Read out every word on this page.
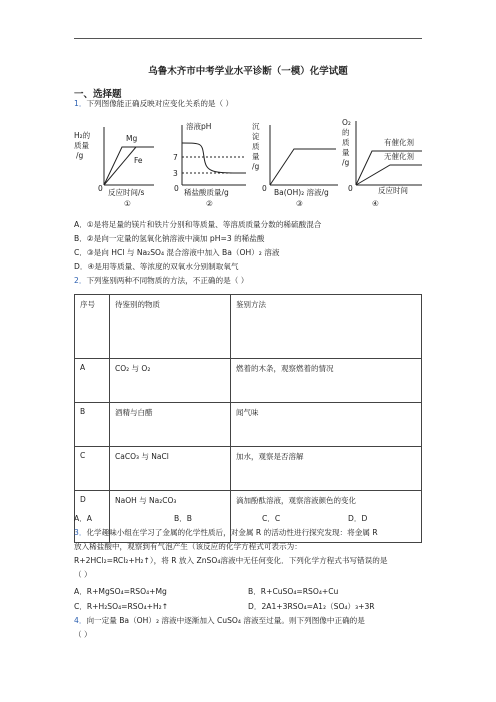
乌鲁木齐市中考学业水平诊断（一模）化学试题
一、选择题
1．下列图像能正确反映对应变化关系的是（ ）
H₂的
质量
/g
Mg
Fe
0 反应时间/s
①
溶液pH
7
3
0 稀盐酸质量/g
②
沉
淀
质
量
/g
0 Ba(OH)₂ 溶液/g
③
O₂
的
质
量
/g
有催化剂
无催化剂
0	反应时间
④
A．①是将足量的镁片和铁片分别和等质量、等溶质质量分数的稀硫酸混合
B．②是向一定量的氢氧化钠溶液中滴加 pH=3 的稀盐酸
C．③是向 HCl 与 Na₂SO₄ 混合溶液中加入 Ba（OH）₂ 溶液
D．④是用等质量、等浓度的双氧水分别制取氧气
2．下列鉴别两种不同物质的方法，不正确的是（ ）
序号	待鉴别的物质	鉴别方法
A	CO₂ 与 O₂	燃着的木条，观察燃着的情况
B	酒精与白醋	闻气味
C	CaCO₃ 与 NaCl	加水，观察是否溶解
D	NaOH 与 Na₂CO₃	滴加酚酞溶液，观察溶液颜色的变化
A．A	B．B	C．C	D．D
3．化学趣味小组在学习了金属的化学性质后，对金属 R 的活动性进行探究发现：将金属 R
放入稀盐酸中，观察到有气泡产生（该反应的化学方程式可表示为：
R+2HCl₂=RCl₂+H₂↑），将 R 放入 ZnSO₄溶液中无任何变化．下列化学方程式书写错误的是
（ ）
A．R+MgSO₄=RSO₄+Mg	B．R+CuSO₄=RSO₄+Cu
C．R+H₂SO₄=RSO₄+H₂↑	D．2A1+3RSO₄=A1₂（SO₄）₃+3R
4．向一定量 Ba（OH）₂ 溶液中逐渐加入 CuSO₄ 溶液至过量。则下列图像中正确的是
（ ）
